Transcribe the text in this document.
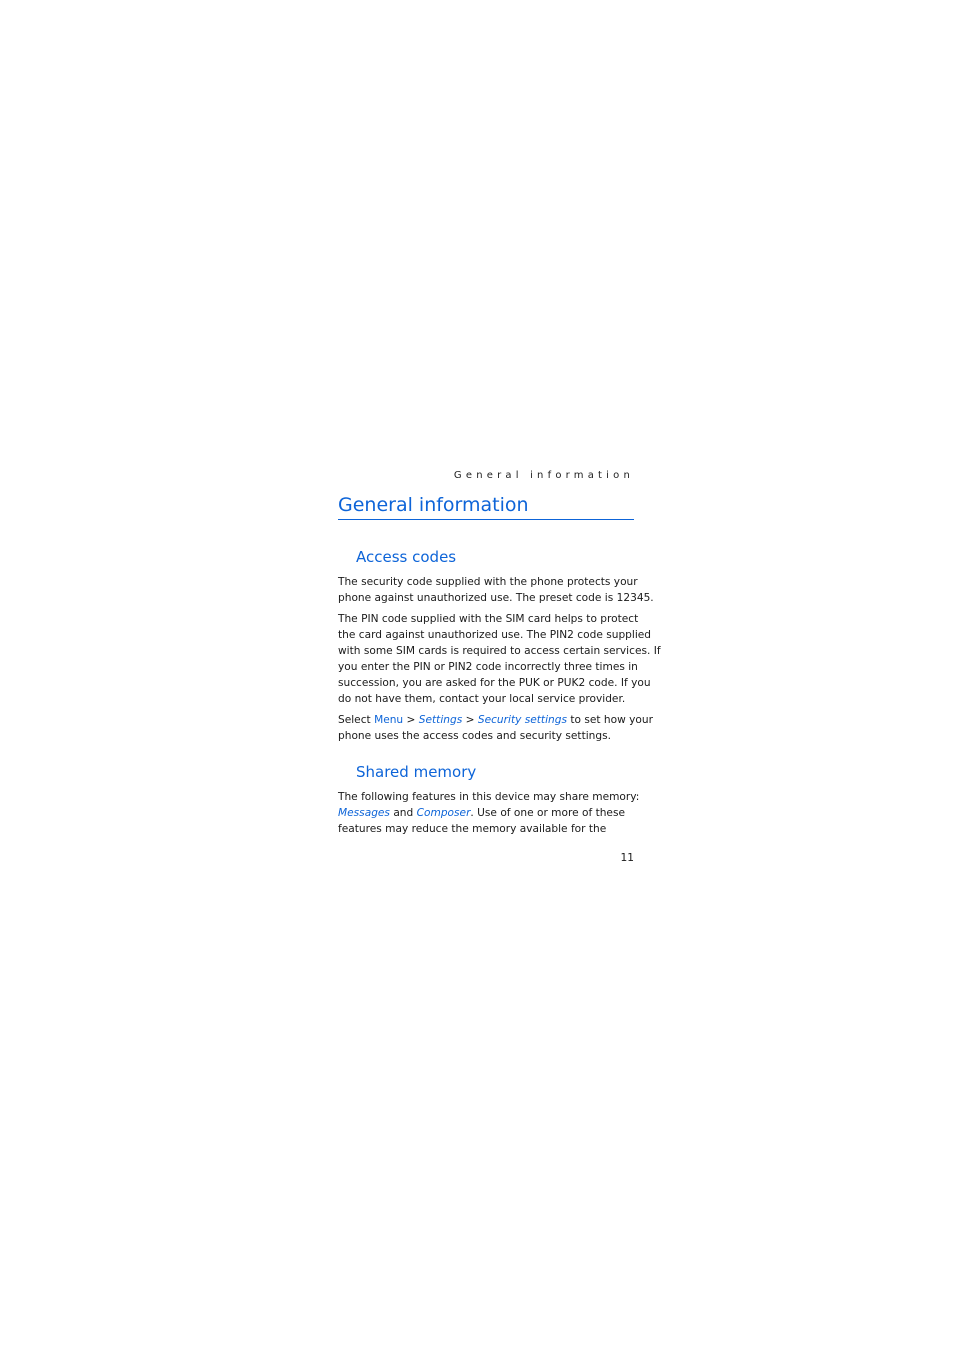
General information
General information
Access codes

The security code supplied with the phone protects your
phone against unauthorized use. The preset code is 12345.

The PIN code supplied with the SIM card helps to protect
the card against unauthorized use. The PIN2 code supplied
with some SIM cards is required to access certain services. If
you enter the PIN or PIN2 code incorrectly three times in
succession, you are asked for the PUK or PUK2 code. If you
do not have them, contact your local service provider.

Select Menu > Settings > Security settings to set how your
phone uses the access codes and security settings.

Shared memory

The following features in this device may share memory:
Messages and Composer. Use of one or more of these
features may reduce the memory available for the

11
